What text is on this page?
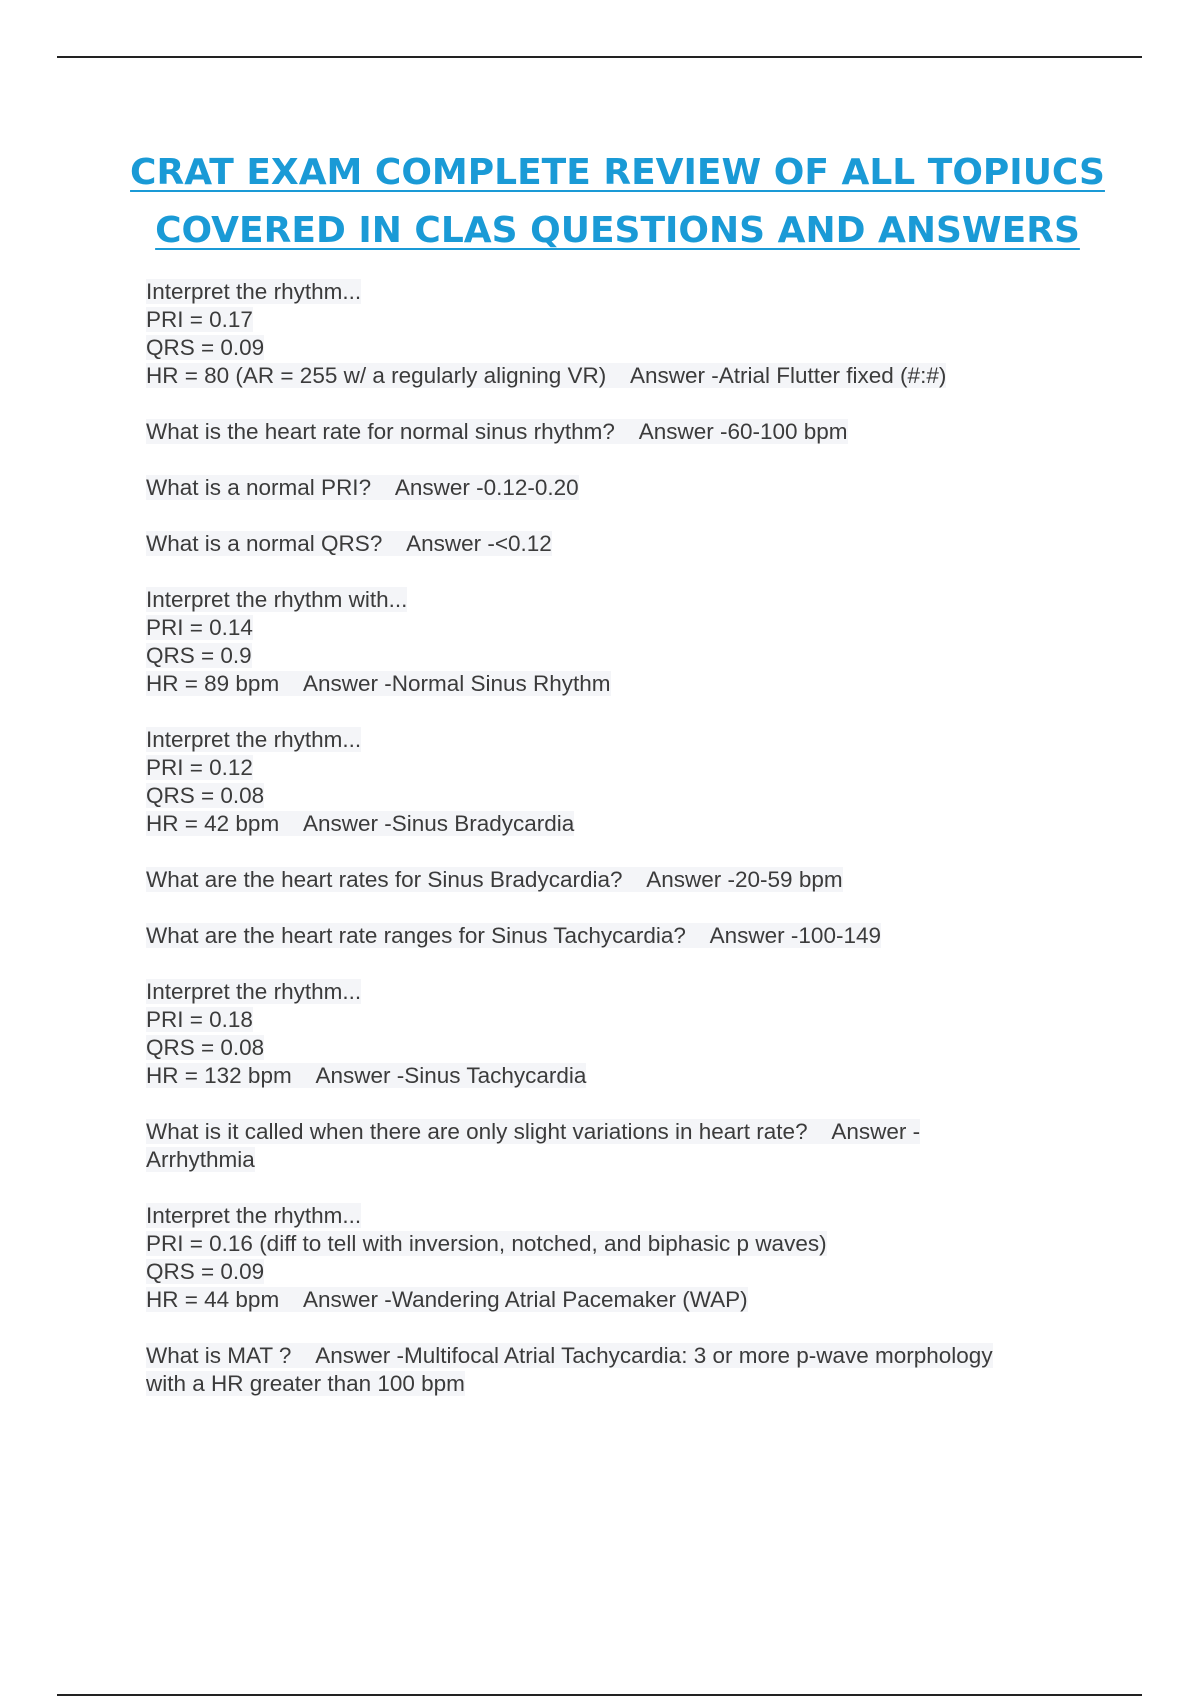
CRAT EXAM COMPLETE REVIEW OF ALL TOPIUCS
COVERED IN CLAS QUESTIONS AND ANSWERS
Interpret the rhythm...
PRI = 0.17
QRS = 0.09
HR = 80 (AR = 255 w/ a regularly aligning VR)    Answer -Atrial Flutter fixed (#:#)
What is the heart rate for normal sinus rhythm?    Answer -60-100 bpm
What is a normal PRI?    Answer -0.12-0.20
What is a normal QRS?    Answer -<0.12
Interpret the rhythm with...
PRI = 0.14
QRS = 0.9
HR = 89 bpm    Answer -Normal Sinus Rhythm
Interpret the rhythm...
PRI = 0.12
QRS = 0.08
HR = 42 bpm    Answer -Sinus Bradycardia
What are the heart rates for Sinus Bradycardia?    Answer -20-59 bpm
What are the heart rate ranges for Sinus Tachycardia?    Answer -100-149
Interpret the rhythm...
PRI = 0.18
QRS = 0.08
HR = 132 bpm    Answer -Sinus Tachycardia
What is it called when there are only slight variations in heart rate?    Answer -
Arrhythmia
Interpret the rhythm...
PRI = 0.16 (diff to tell with inversion, notched, and biphasic p waves)
QRS = 0.09
HR = 44 bpm    Answer -Wandering Atrial Pacemaker (WAP)
What is MAT ?    Answer -Multifocal Atrial Tachycardia: 3 or more p-wave morphology
with a HR greater than 100 bpm
